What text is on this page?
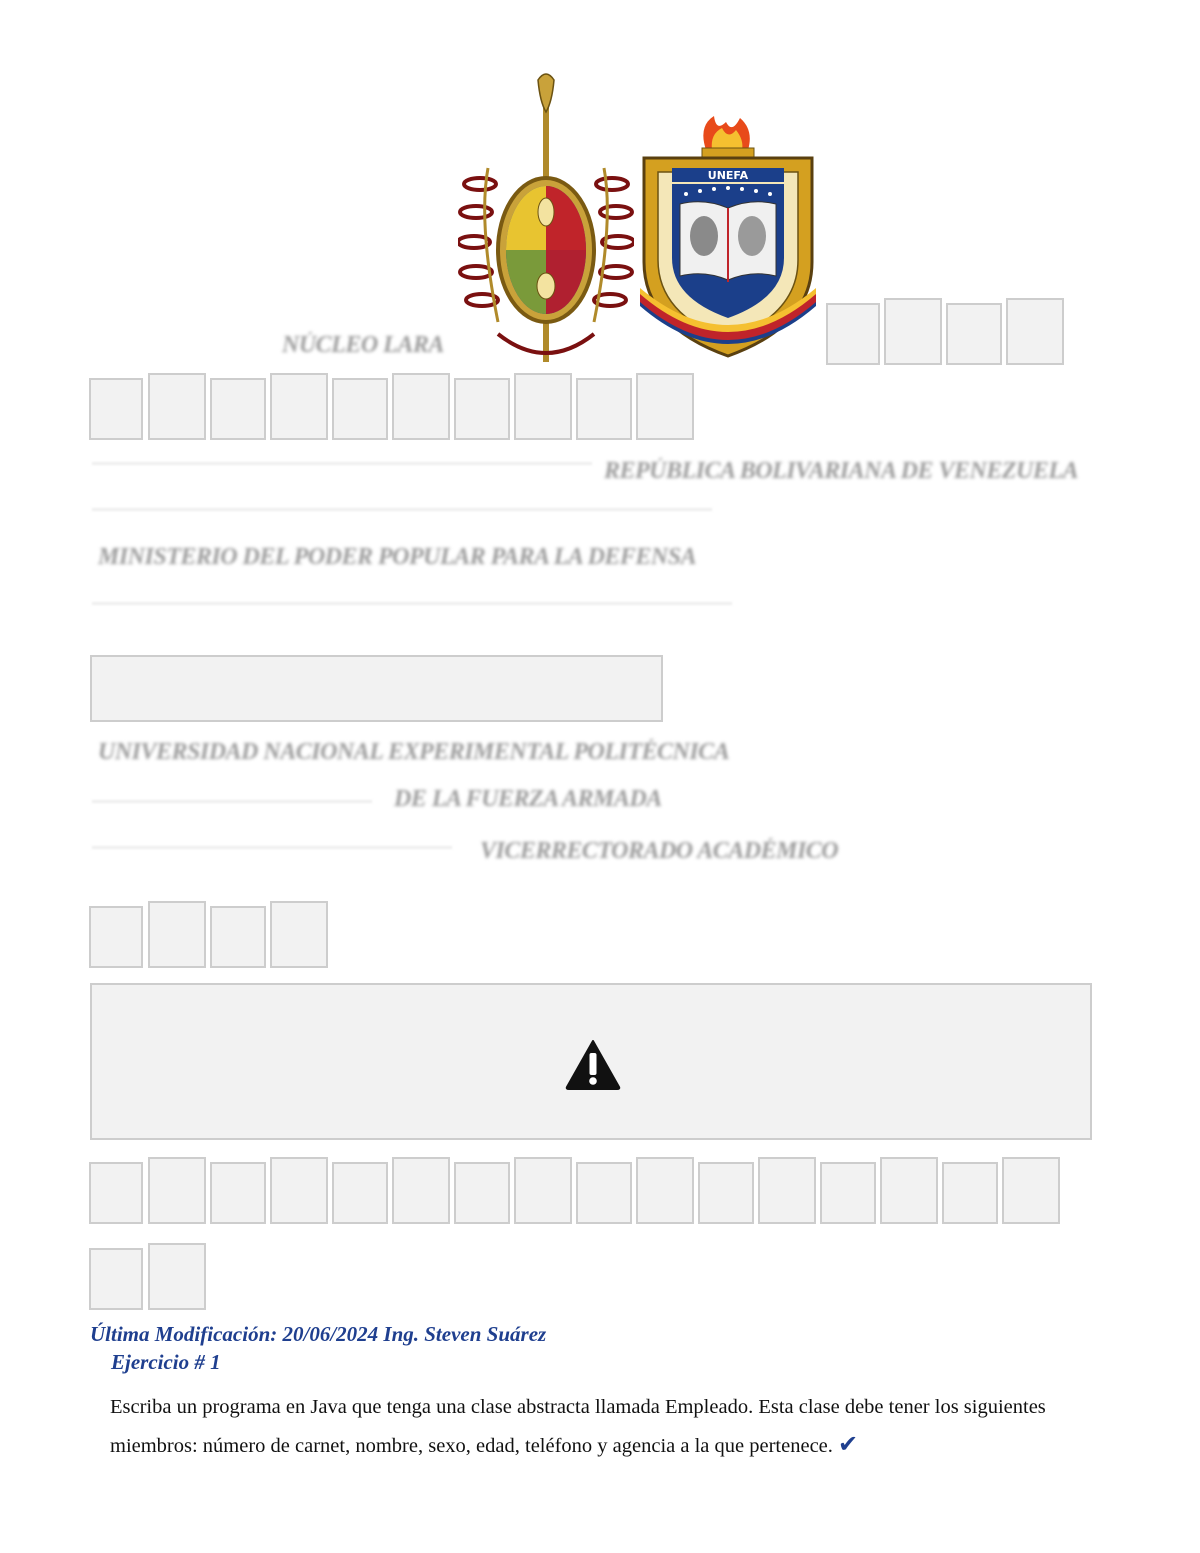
UNEFA
NÚCLEO LARA
REPÚBLICA BOLIVARIANA DE VENEZUELA
MINISTERIO DEL PODER POPULAR PARA LA DEFENSA
UNIVERSIDAD NACIONAL EXPERIMENTAL POLITÉCNICA
DE LA FUERZA ARMADA
VICERRECTORADO ACADÉMICO
Última Modificación: 20/06/2024 Ing. Steven Suárez
Ejercicio # 1
Escriba un programa en Java que tenga una clase abstracta llamada Empleado. Esta clase debe tener los siguientes miembros: número de carnet, nombre, sexo, edad, teléfono y agencia a la que pertenece. ✔
